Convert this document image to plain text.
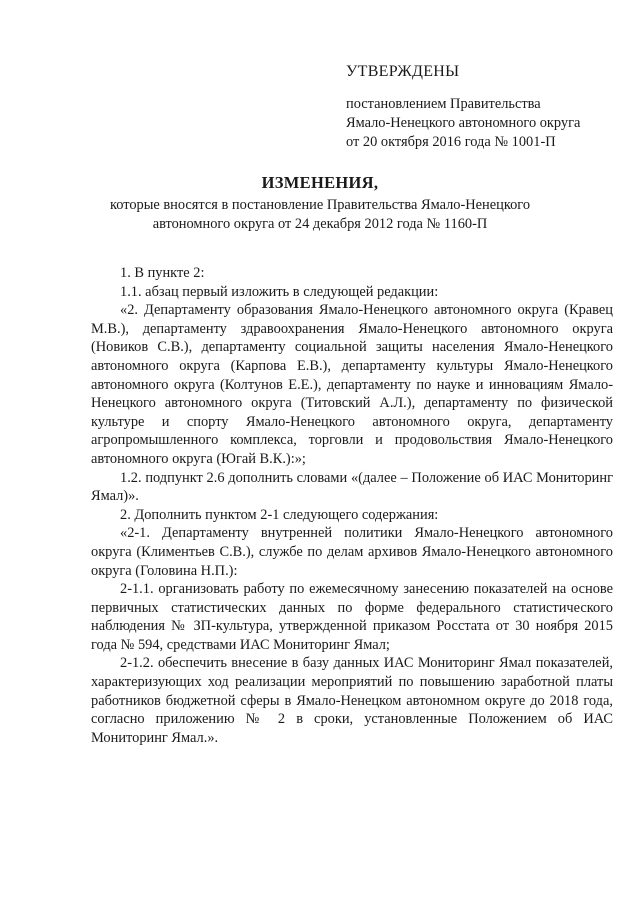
УТВЕРЖДЕНЫ
постановлением Правительства
Ямало-Ненецкого автономного округа
от 20 октября 2016 года № 1001-П
ИЗМЕНЕНИЯ,
которые вносятся в постановление Правительства Ямало-Ненецкого
автономного округа от 24 декабря 2012 года № 1160-П

1. В пункте 2:

1.1. абзац первый изложить в следующей редакции:

«2. Департаменту образования Ямало-Ненецкого автономного округа (Кравец М.В.), департаменту здравоохранения Ямало-Ненецкого автономного округа (Новиков С.В.), департаменту социальной защиты населения Ямало-Ненецкого автономного округа (Карпова Е.В.), департаменту культуры Ямало-Ненецкого автономного округа (Колтунов Е.Е.), департаменту по науке и инновациям Ямало-Ненецкого автономного округа (Титовский А.Л.), департаменту по физической культуре и спорту Ямало-Ненецкого автономного округа, департаменту агропромышленного комплекса, торговли и продовольствия Ямало-Ненецкого автономного округа (Югай В.К.):»;

1.2. подпункт 2.6 дополнить словами «(далее – Положение об ИАС Мониторинг Ямал)».

2. Дополнить пунктом 2-1 следующего содержания:

«2-1. Департаменту внутренней политики Ямало-Ненецкого автономного округа (Климентьев С.В.), службе по делам архивов Ямало-Ненецкого автономного округа (Головина Н.П.):

2-1.1. организовать работу по ежемесячному занесению показателей на основе первичных статистических данных по форме федерального статистического наблюдения № ЗП-культура, утвержденной приказом Росстата от 30 ноября 2015 года № 594, средствами ИАС Мониторинг Ямал;

2-1.2. обеспечить внесение в базу данных ИАС Мониторинг Ямал показателей, характеризующих ход реализации мероприятий по повышению заработной платы работников бюджетной сферы в Ямало-Ненецком автономном округе до 2018 года, согласно приложению № 2 в сроки, установленные Положением об ИАС Мониторинг Ямал.».
